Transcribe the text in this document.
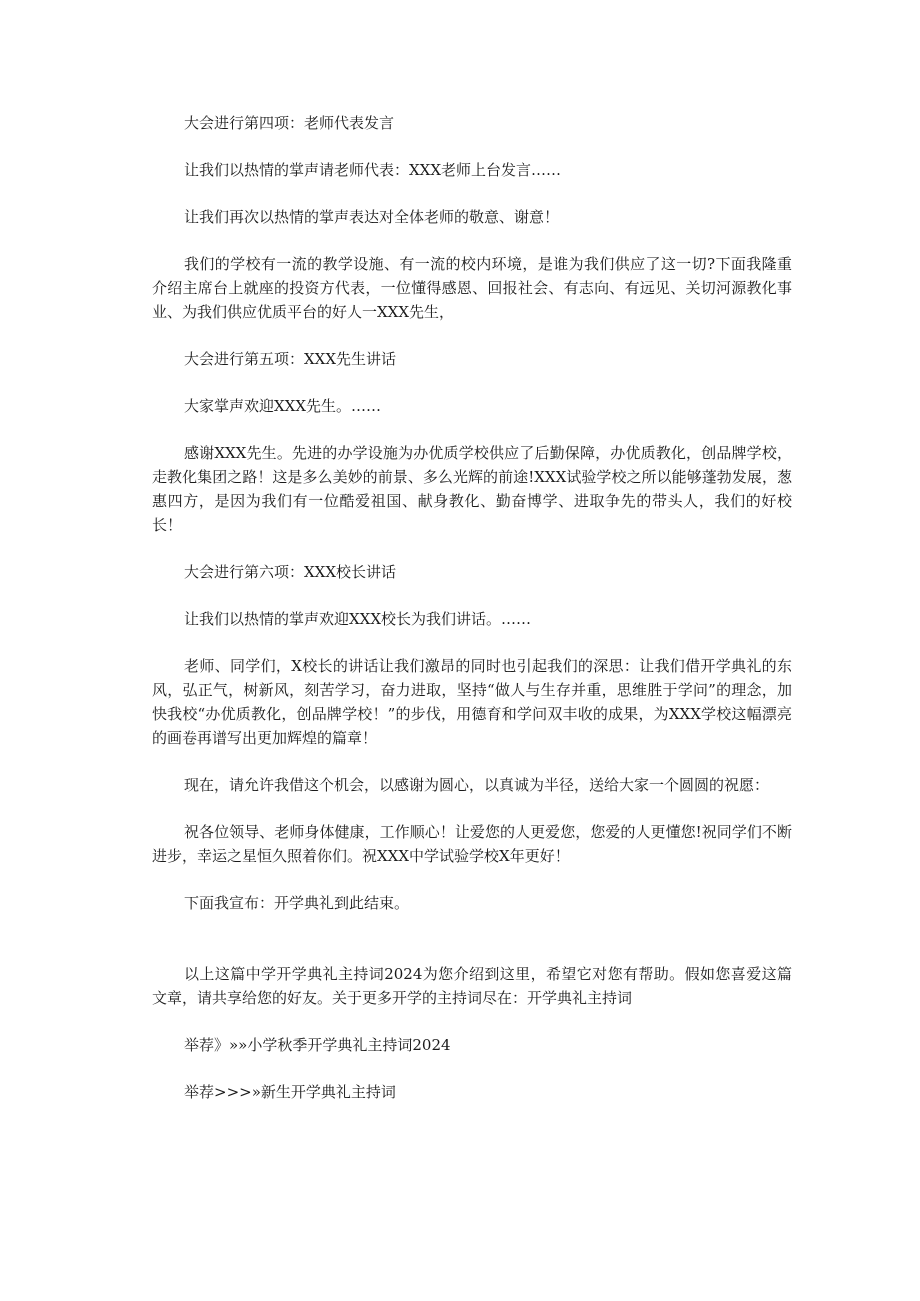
大会进行第四项：老师代表发言

让我们以热情的掌声请老师代表：XXX老师上台发言……

让我们再次以热情的掌声表达对全体老师的敬意、谢意！

我们的学校有一流的教学设施、有一流的校内环境，是谁为我们供应了这一切?下面我隆重介绍主席台上就座的投资方代表，一位懂得感恩、回报社会、有志向、有远见、关切河源教化事业、为我们供应优质平台的好人一XXX先生，

大会进行第五项：XXX先生讲话

大家掌声欢迎XXX先生。……

感谢XXX先生。先进的办学设施为办优质学校供应了后勤保障，办优质教化，创品牌学校，走教化集团之路！这是多么美妙的前景、多么光辉的前途!XXX试验学校之所以能够蓬勃发展，葱惠四方，是因为我们有一位酷爱祖国、献身教化、勤奋博学、进取争先的带头人，我们的好校长！

大会进行第六项：XXX校长讲话

让我们以热情的掌声欢迎XXX校长为我们讲话。……

老师、同学们，X校长的讲话让我们激昂的同时也引起我们的深思：让我们借开学典礼的东风，弘正气，树新风，刻苦学习，奋力进取，坚持“做人与生存并重，思维胜于学问”的理念，加快我校“办优质教化，创品牌学校！”的步伐，用德育和学问双丰收的成果，为XXX学校这幅漂亮的画卷再谱写出更加辉煌的篇章！

现在，请允许我借这个机会，以感谢为圆心，以真诚为半径，送给大家一个圆圆的祝愿：

祝各位领导、老师身体健康，工作顺心！让爱您的人更爱您，您爱的人更懂您!祝同学们不断进步，幸运之星恒久照着你们。祝XXX中学试验学校X年更好！

下面我宣布：开学典礼到此结束。

以上这篇中学开学典礼主持词2024为您介绍到这里，希望它对您有帮助。假如您喜爱这篇文章，请共享给您的好友。关于更多开学的主持词尽在：开学典礼主持词

举荐》»»小学秋季开学典礼主持词2024

举荐>>>»新生开学典礼主持词
